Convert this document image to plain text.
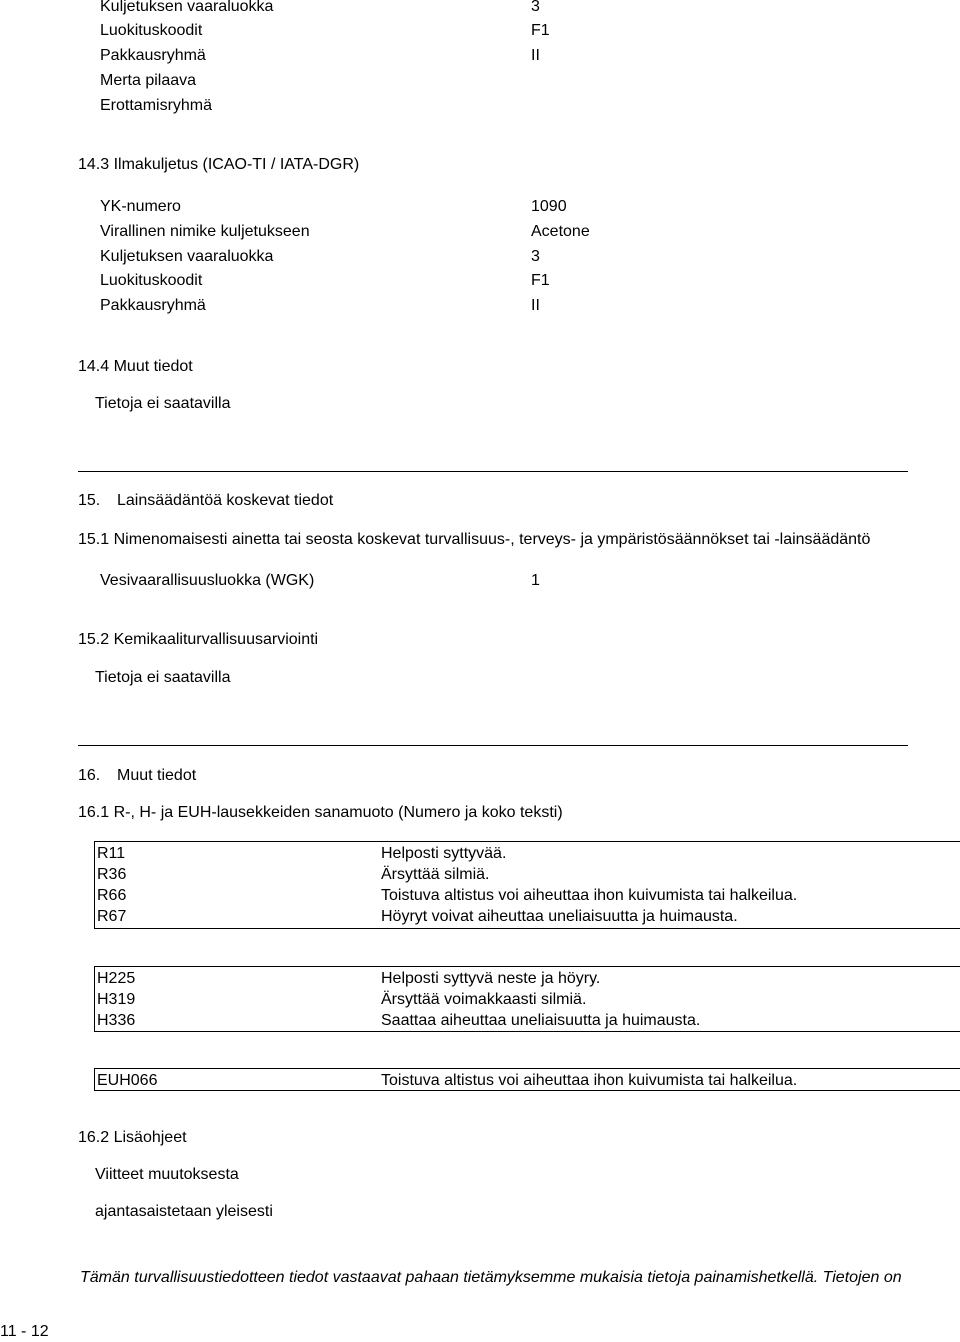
Kuljetuksen vaaraluokka	3
Luokituskoodit	F1
Pakkausryhmä	II
Merta pilaava
Erottamisryhmä
14.3 Ilmakuljetus (ICAO-TI / IATA-DGR)
YK-numero	1090
Virallinen nimike kuljetukseen	Acetone
Kuljetuksen vaaraluokka	3
Luokituskoodit	F1
Pakkausryhmä	II
14.4 Muut tiedot
Tietoja ei saatavilla
15. Lainsäädäntöä koskevat tiedot
15.1 Nimenomaisesti ainetta tai seosta koskevat turvallisuus-, terveys- ja ympäristösäännökset tai -lainsäädäntö
Vesivaarallisuusluokka (WGK)	1
15.2 Kemikaaliturvallisuusarviointi
Tietoja ei saatavilla
16. Muut tiedot
16.1 R-, H- ja EUH-lausekkeiden sanamuoto (Numero ja koko teksti)
R11	Helposti syttyvää.
R36	Ärsyttää silmiä.
R66	Toistuva altistus voi aiheuttaa ihon kuivumista tai halkeilua.
R67	Höyryt voivat aiheuttaa uneliaisuutta ja huimausta.
H225	Helposti syttyvä neste ja höyry.
H319	Ärsyttää voimakkaasti silmiä.
H336	Saattaa aiheuttaa uneliaisuutta ja huimausta.
EUH066	Toistuva altistus voi aiheuttaa ihon kuivumista tai halkeilua.
16.2 Lisäohjeet
Viitteet muutoksesta
ajantasaistetaan yleisesti
Tämän turvallisuustiedotteen tiedot vastaavat pahaan tietämyksemme mukaisia tietoja painamishetkellä. Tietojen on
11 - 12
